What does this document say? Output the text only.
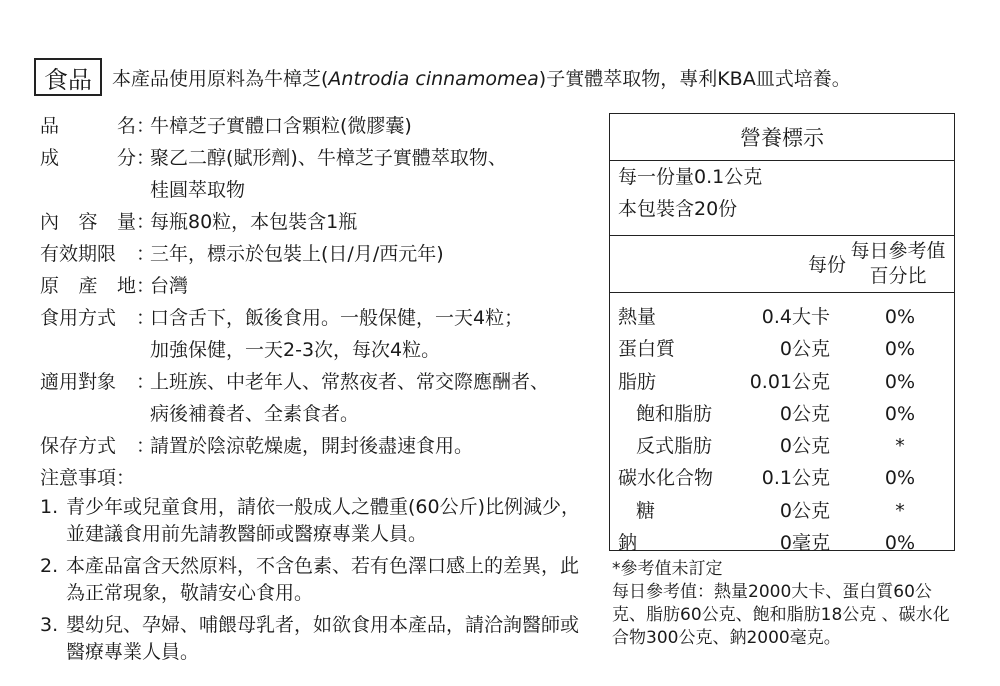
食品	本產品使用原料為牛樟芝(Antrodia cinnamomea)子實體萃取物，專利KBA皿式培養。
品	名 ：
牛樟芝子實體口含顆粒(微膠囊)
成	分 ：
聚乙二醇(賦形劑)、牛樟芝子實體萃取物、
桂圓萃取物
內 容 量 ：
每瓶80粒，本包裝含1瓶
有效期限	：
三年，標示於包裝上(日/月/西元年)
原 產 地 ：
台灣
食用方式	：
口含舌下，飯後食用。一般保健，一天4粒；
加強保健，一天2-3次，每次4粒。
適用對象	：
上班族、中老年人、常熬夜者、常交際應酬者、
病後補養者、全素食者。
保存方式	：
請置於陰涼乾燥處，開封後盡速食用。
注意事項：
1. 青少年或兒童食用，請依一般成人之體重(60公斤)比例減少，並建議食用前先請教醫師或醫療專業人員。
2. 本產品富含天然原料，不含色素、若有色澤口感上的差異，此為正常現象，敬請安心食用。
3. 嬰幼兒、孕婦、哺餵母乳者，如欲食用本產品，請洽詢醫師或醫療專業人員。
營養標示
每一份量0.1公克
本包裝含20份
每份
每日參考值
百分比
熱量	0.4大卡	0%
蛋白質	0公克	0%
脂肪	0.01公克	0%
飽和脂肪	0公克	0%
反式脂肪	0公克	*
碳水化合物	0.1公克	0%
糖	0公克	*
鈉	0毫克	0%
*參考值未訂定
每日參考值：熱量2000大卡、蛋白質60公克、脂肪60公克、飽和脂肪18公克 、碳水化合物300公克、鈉2000毫克。
